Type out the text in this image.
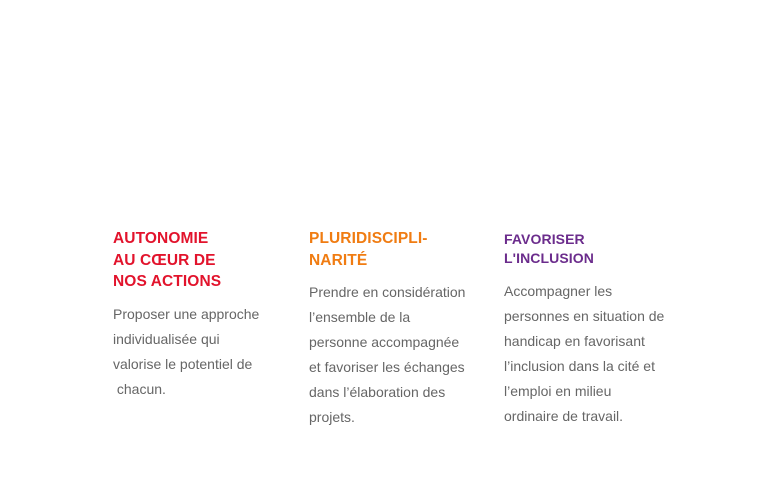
AUTONOMIE
AU CŒUR DE
NOS ACTIONS

Proposer une approche
individualisée qui
valorise le potentiel de
chacun.

PLURIDISCIPLI-
NARITÉ

Prendre en considération
l’ensemble de la
personne accompagnée
et favoriser les échanges
dans l’élaboration des
projets.

FAVORISER
L'INCLUSION

Accompagner les
personnes en situation de
handicap en favorisant
l’inclusion dans la cité et
l’emploi en milieu
ordinaire de travail.
